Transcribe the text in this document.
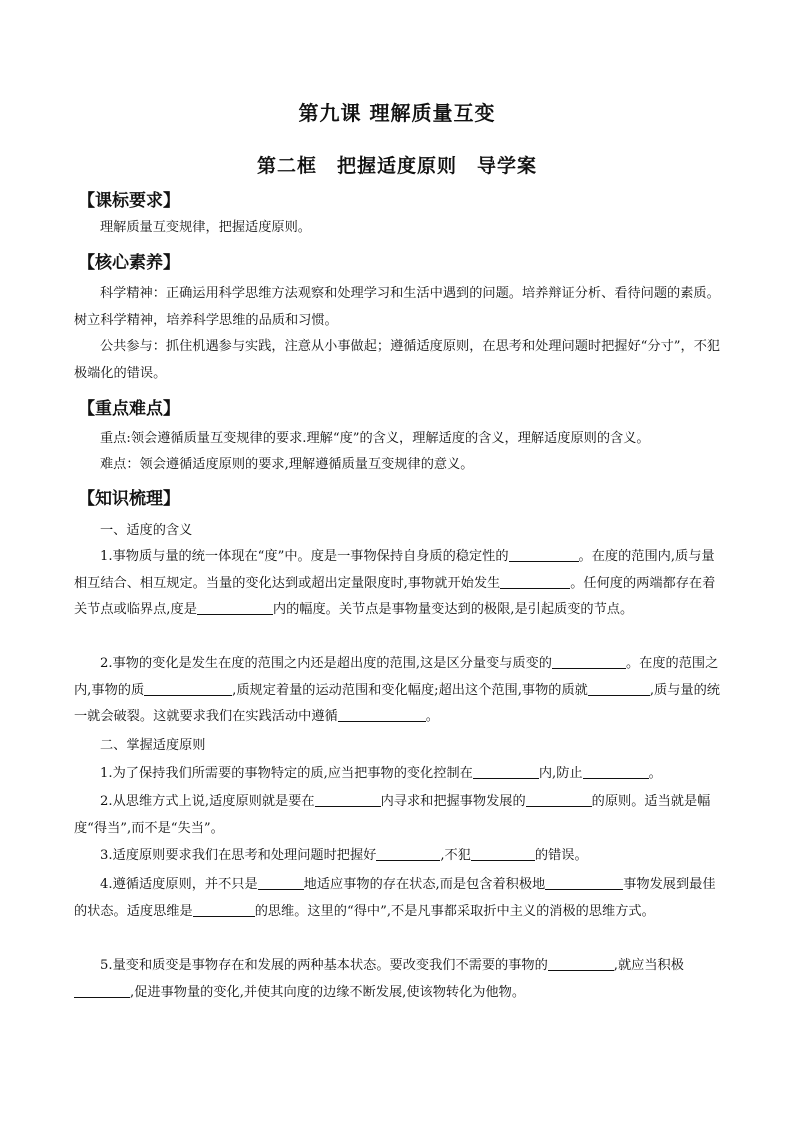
第九课 理解质量互变
第二框　把握适度原则　导学案
【课标要求】
理解质量互变规律，把握适度原则。
【核心素养】
科学精神：正确运用科学思维方法观察和处理学习和生活中遇到的问题。培养辩证分析、看待问题的素质。树立科学精神，培养科学思维的品质和习惯。
公共参与：抓住机遇参与实践，注意从小事做起；遵循适度原则，在思考和处理问题时把握好“分寸”，不犯极端化的错误。
【重点难点】
重点:领会遵循质量互变规律的要求.理解“度”的含义，理解适度的含义，理解适度原则的含义。
难点：领会遵循适度原则的要求,理解遵循质量互变规律的意义。
【知识梳理】
一、适度的含义
1.事物质与量的统一体现在“度”中。度是一事物保持自身质的稳定性的	。在度的范围内,质与量相互结合、相互规定。当量的变化达到或超出定量限度时,事物就开始发生	。任何度的两端都存在着关节点或临界点,度是	内的幅度。关节点是事物量变达到的极限,是引起质变的节点。
2.事物的变化是发生在度的范围之内还是超出度的范围,这是区分量变与质变的	。在度的范围之内,事物的质	,质规定着量的运动范围和变化幅度;超出这个范围,事物的质就	,质与量的统一就会破裂。这就要求我们在实践活动中遵循	。
二、掌握适度原则
1.为了保持我们所需要的事物特定的质,应当把事物的变化控制在	内,防止	。
2.从思维方式上说,适度原则就是要在	内寻求和把握事物发展的	的原则。适当就是幅度“得当”,而不是“失当”。
3.适度原则要求我们在思考和处理问题时把握好	,不犯	的错误。
4.遵循适度原则，并不只是	地适应事物的存在状态,而是包含着积极地	事物发展到最佳的状态。适度思维是	的思维。这里的“得中”,不是凡事都采取折中主义的消极的思维方式。
5.量变和质变是事物存在和发展的两种基本状态。要改变我们不需要的事物的	,就应当积极,促进事物量的变化,并使其向度的边缘不断发展,使该物转化为他物。
